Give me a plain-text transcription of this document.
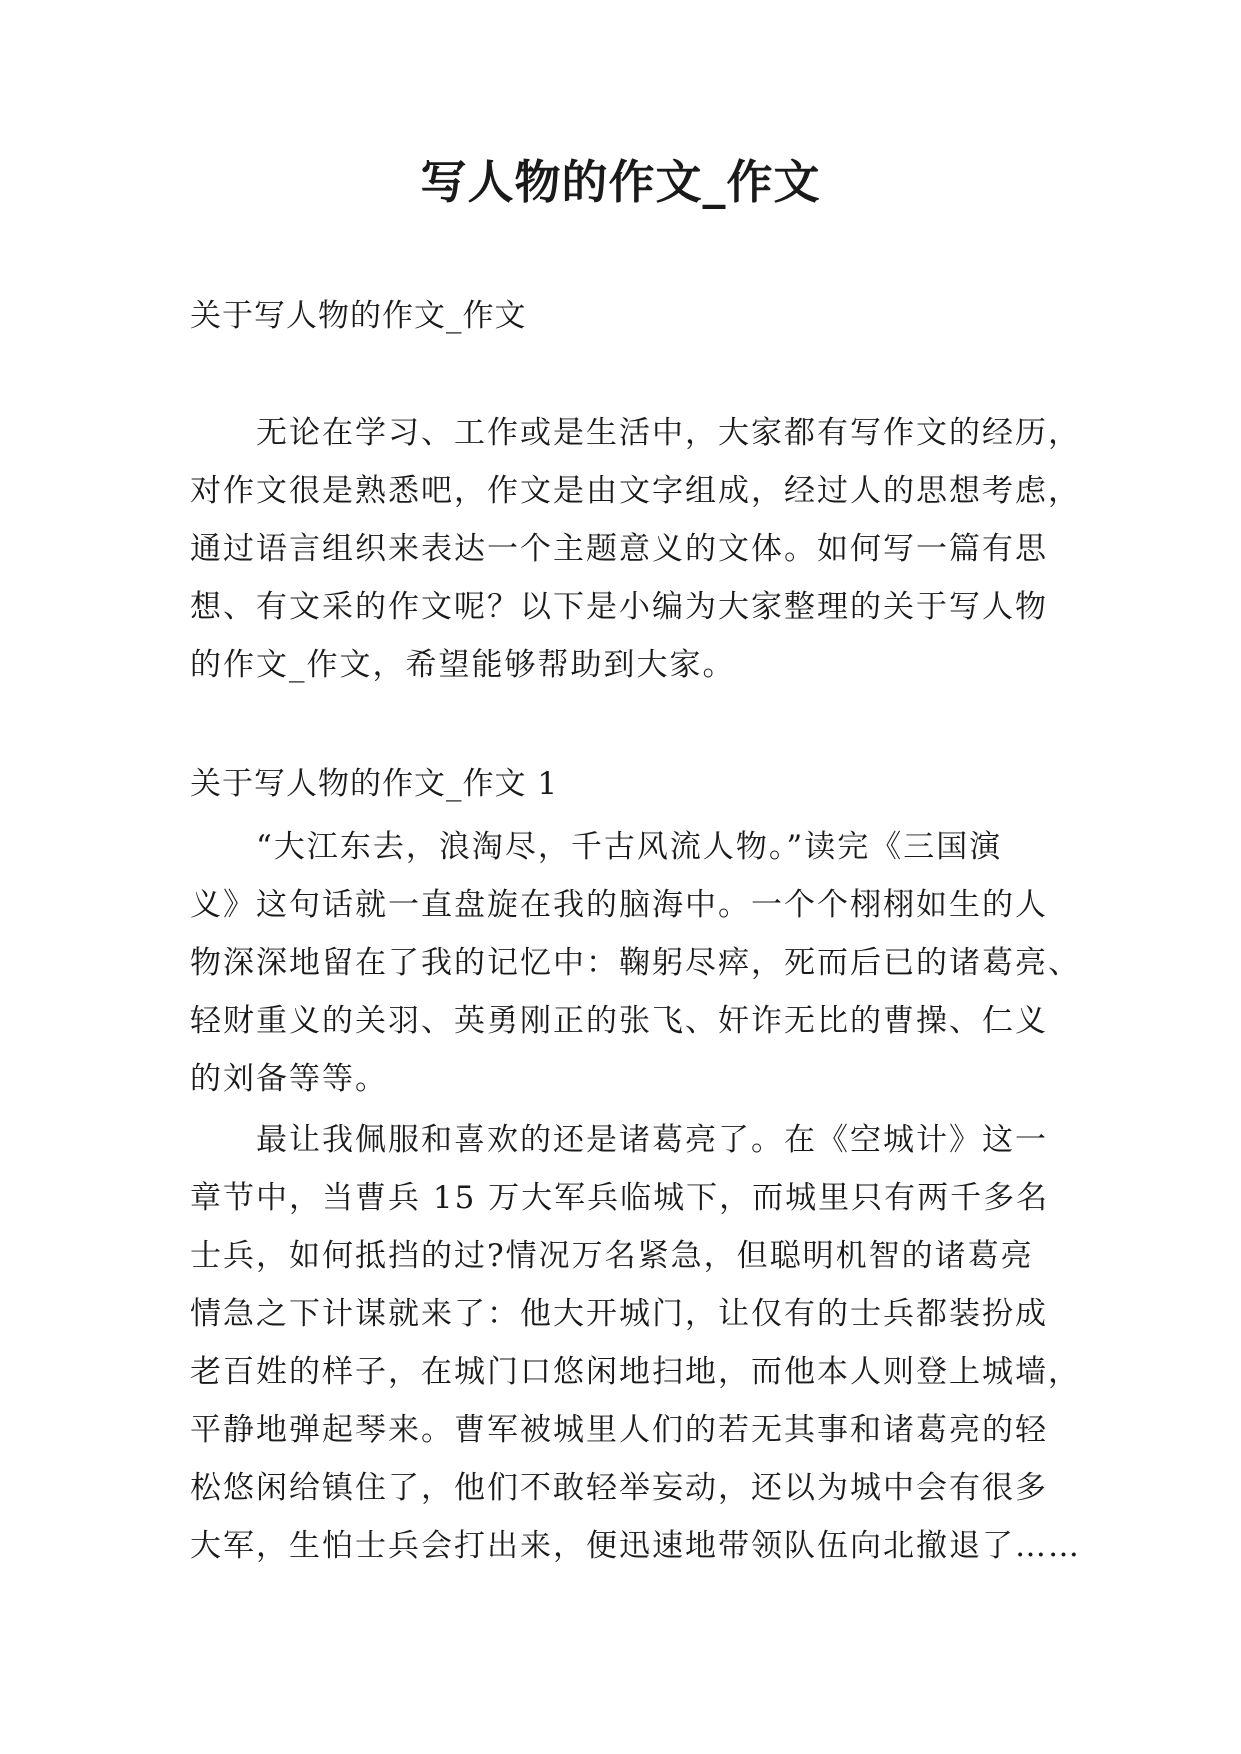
写人物的作文_作文
关于写人物的作文_作文
无论在学习、工作或是生活中，大家都有写作文的经历，
对作文很是熟悉吧，作文是由文字组成，经过人的思想考虑，
通过语言组织来表达一个主题意义的文体。如何写一篇有思
想、有文采的作文呢？以下是小编为大家整理的关于写人物
的作文_作文，希望能够帮助到大家。
关于写人物的作文_作文 1
“大江东去，浪淘尽，千古风流人物。”读完《三国演
义》这句话就一直盘旋在我的脑海中。一个个栩栩如生的人
物深深地留在了我的记忆中：鞠躬尽瘁，死而后已的诸葛亮、
轻财重义的关羽、英勇刚正的张飞、奸诈无比的曹操、仁义
的刘备等等。
最让我佩服和喜欢的还是诸葛亮了。在《空城计》这一
章节中，当曹兵 15 万大军兵临城下，而城里只有两千多名
士兵，如何抵挡的过?情况万名紧急，但聪明机智的诸葛亮
情急之下计谋就来了：他大开城门，让仅有的士兵都装扮成
老百姓的样子，在城门口悠闲地扫地，而他本人则登上城墙，
平静地弹起琴来。曹军被城里人们的若无其事和诸葛亮的轻
松悠闲给镇住了，他们不敢轻举妄动，还以为城中会有很多
大军，生怕士兵会打出来，便迅速地带领队伍向北撤退了……
